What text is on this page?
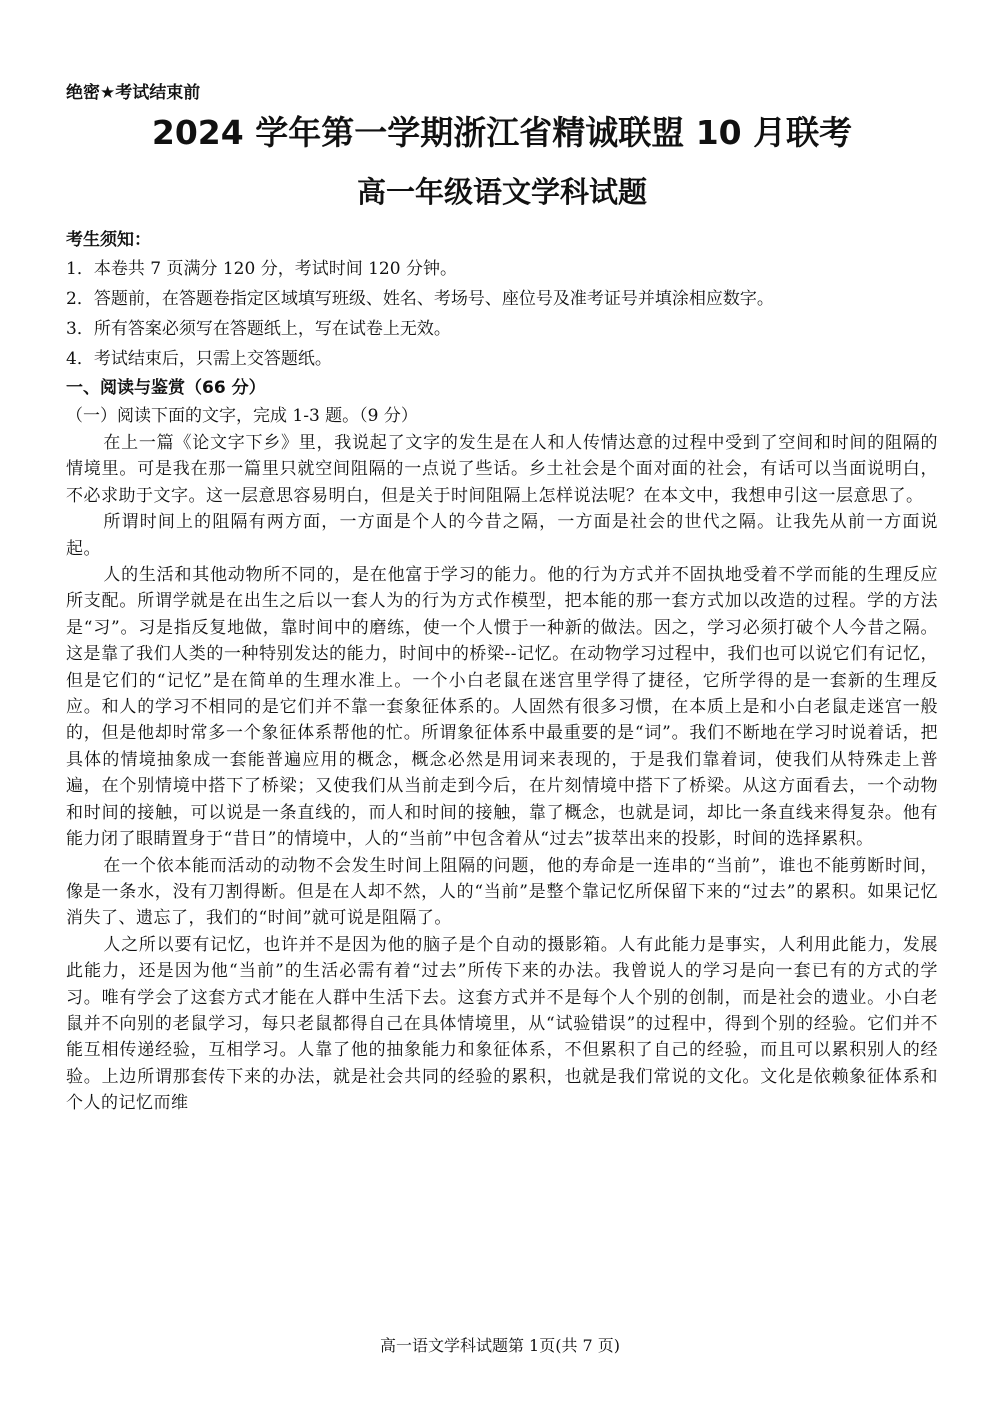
绝密★考试结束前
2024 学年第一学期浙江省精诚联盟 10 月联考
高一年级语文学科试题
考生须知：
1．本卷共 7 页满分 120 分，考试时间 120 分钟。
2．答题前，在答题卷指定区域填写班级、姓名、考场号、座位号及准考证号并填涂相应数字。
3．所有答案必须写在答题纸上，写在试卷上无效。
4．考试结束后，只需上交答题纸。
一、阅读与鉴赏（66 分）
（一）阅读下面的文字，完成 1-3 题。（9 分）

在上一篇《论文字下乡》里，我说起了文字的发生是在人和人传情达意的过程中受到了空间和时间的阻隔的情境里。可是我在那一篇里只就空间阻隔的一点说了些话。乡土社会是个面对面的社会，有话可以当面说明白，不必求助于文字。这一层意思容易明白，但是关于时间阻隔上怎样说法呢？在本文中，我想申引这一层意思了。

所谓时间上的阻隔有两方面，一方面是个人的今昔之隔，一方面是社会的世代之隔。让我先从前一方面说起。

人的生活和其他动物所不同的，是在他富于学习的能力。他的行为方式并不固执地受着不学而能的生理反应所支配。所谓学就是在出生之后以一套人为的行为方式作模型，把本能的那一套方式加以改造的过程。学的方法是“习”。习是指反复地做，靠时间中的磨练，使一个人惯于一种新的做法。因之，学习必须打破个人今昔之隔。这是靠了我们人类的一种特别发达的能力，时间中的桥梁--记忆。在动物学习过程中，我们也可以说它们有记忆，但是它们的“记忆”是在简单的生理水准上。一个小白老鼠在迷宫里学得了捷径，它所学得的是一套新的生理反应。和人的学习不相同的是它们并不靠一套象征体系的。人固然有很多习惯，在本质上是和小白老鼠走迷宫一般的，但是他却时常多一个象征体系帮他的忙。所谓象征体系中最重要的是“词”。我们不断地在学习时说着话，把具体的情境抽象成一套能普遍应用的概念，概念必然是用词来表现的，于是我们靠着词，使我们从特殊走上普遍，在个别情境中搭下了桥梁；又使我们从当前走到今后，在片刻情境中搭下了桥梁。从这方面看去，一个动物和时间的接触，可以说是一条直线的，而人和时间的接触，靠了概念，也就是词，却比一条直线来得复杂。他有能力闭了眼睛置身于“昔日”的情境中，人的“当前”中包含着从“过去”拔萃出来的投影，时间的选择累积。

在一个依本能而活动的动物不会发生时间上阻隔的问题，他的寿命是一连串的“当前”，谁也不能剪断时间，像是一条水，没有刀割得断。但是在人却不然，人的“当前”是整个靠记忆所保留下来的“过去”的累积。如果记忆消失了、遗忘了，我们的“时间”就可说是阻隔了。

人之所以要有记忆，也许并不是因为他的脑子是个自动的摄影箱。人有此能力是事实，人利用此能力，发展此能力，还是因为他“当前”的生活必需有着“过去”所传下来的办法。我曾说人的学习是向一套已有的方式的学习。唯有学会了这套方式才能在人群中生活下去。这套方式并不是每个人个别的创制，而是社会的遗业。小白老鼠并不向别的老鼠学习，每只老鼠都得自己在具体情境里，从“试验错误”的过程中，得到个别的经验。它们并不能互相传递经验，互相学习。人靠了他的抽象能力和象征体系，不但累积了自己的经验，而且可以累积别人的经验。上边所谓那套传下来的办法，就是社会共同的经验的累积，也就是我们常说的文化。文化是依赖象征体系和个人的记忆而维

高一语文学科试题第 1页(共 7 页)
